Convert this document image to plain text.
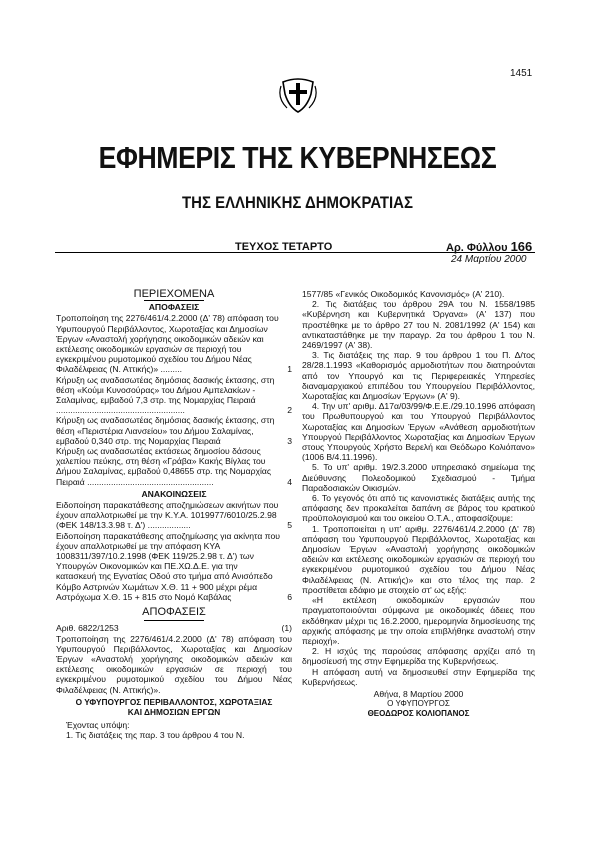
1451
ΕΦΗΜΕΡΙΣ ΤΗΣ ΚΥΒΕΡΝΗΣΕΩΣ
ΤΗΣ ΕΛΛΗΝΙΚΗΣ ΔΗΜΟΚΡΑΤΙΑΣ
ΤΕΥΧΟΣ ΤΕΤΑΡΤΟ	Αρ. Φύλλου 166
24 Μαρτίου 2000
ΠΕΡΙΕΧΟΜΕΝΑ
ΑΠΟΦΑΣΕΙΣ
Τροποποίηση της 2276/461/4.2.2000 (Δ' 78) απόφαση του Υφυπουργού Περιβάλλοντος, Χωροταξίας και Δημοσίων Έργων «Αναστολή χορήγησης οικοδομικών αδειών και εκτέλεσης οικοδομικών εργασιών σε περιοχή του εγκεκριμένου ρυμοτομικού σχεδίου του Δήμου Νέας Φιλαδέλφειας (Ν. Αττικής)» .........	1
Κήρυξη ως αναδασωτέας δημόσιας δασικής έκτασης, στη θέση «Κούμι Κυνοσούρας» του Δήμου Αμπελακίων - Σαλαμίνας, εμβαδού 7,3 στρ. της Νομαρχίας Πειραιά ......................................................	2
Κήρυξη ως αναδασωτέας δημόσιας δασικής έκτασης, στη θέση «Περιστέρια Λιανσείου» του Δήμου Σαλαμίνας, εμβαδού 0,340 στρ. της Νομαρχίας Πειραιά	3
Κήρυξη ως αναδασωτέας εκτάσεως δημοσίου δάσους χαλεπίου πεύκης, στη θέση «Γράβα» Κακής Βίγλας του Δήμου Σαλαμίνας, εμβαδού 0,48655 στρ. της Νομαρχίας Πειραιά .....................................................	4
ΑΝΑΚΟΙΝΩΣΕΙΣ
Ειδοποίηση παρακατάθεσης αποζημιώσεων ακινήτων που έχουν απαλλοτριωθεί με την Κ.Υ.Α. 1019977/6010/25.2.98 (ΦΕΚ 148/13.3.98 τ. Δ') ..................	5
Ειδοποίηση παρακατάθεσης αποζημίωσης για ακίνητα που έχουν απαλλοτριωθεί με την απόφαση ΚΥΑ 1008311/397/10.2.1998 (ΦΕΚ 119/25.2.98 τ. Δ') των Υπουργών Οικονομικών και ΠΕ.ΧΩ.Δ.Ε. για την κατασκευή της Εγνατίας Οδού στο τμήμα από Ανισόπεδο Κόμβο Αστρινών Χωμάτων Χ.Θ. 11 + 900 μέχρι ρέμα Αστρόχωμα Χ.Θ. 15 + 815 στο Νομό Καβάλας	6
ΑΠΟΦΑΣΕΙΣ
Αριθ. 6822/1253	(1)

Τροποποίηση της 2276/461/4.2.2000 (Δ' 78) απόφαση του Υφυπουργού Περιβάλλοντος, Χωροταξίας και Δημοσίων Έργων «Αναστολή χορήγησης οικοδομικών αδειών και εκτέλεσης οικοδομικών εργασιών σε περιοχή του εγκεκριμένου ρυμοτομικού σχεδίου του Δήμου Νέας Φιλαδέλφειας (Ν. Αττικής)».

Ο ΥΦΥΠΟΥΡΓΟΣ ΠΕΡΙΒΑΛΛΟΝΤΟΣ, ΧΩΡΟΤΑΞΙΑΣ
ΚΑΙ ΔΗΜΟΣΙΩΝ ΕΡΓΩΝ

Έχοντας υπόψη:

1. Τις διατάξεις της παρ. 3 του άρθρου 4 του Ν.

1577/85 «Γενικός Οικοδομικός Κανονισμός» (Α' 210).

2. Τις διατάξεις του άρθρου 29Α του Ν. 1558/1985 «Κυβέρνηση και Κυβερνητικά Όργανα» (Α' 137) που προστέθηκε με το άρθρο 27 του Ν. 2081/1992 (Α' 154) και αντικαταστάθηκε με την παραγρ. 2α του άρθρου 1 του Ν. 2469/1997 (Α' 38).

3. Τις διατάξεις της παρ. 9 του άρθρου 1 του Π. Δ/τος 28/28.1.1993 «Καθορισμός αρμοδιοτήτων που διατηρούνται από τον Υπουργό και τις Περιφερειακές Υπηρεσίες διαναμαρχιακού επιπέδου του Υπουργείου Περιβάλλοντος, Χωροταξίας και Δημοσίων Έργων» (Α' 9).

4. Την υπ' αριθμ. Δ17α/03/99/Φ.Ε.Ε./29.10.1996 απόφαση του Πρωθυπουργού και του Υπουργού Περιβάλλοντος Χωροταξίας και Δημοσίων Έργων «Ανάθεση αρμοδιοτήτων Υπουργού Περιβάλλοντος Χωροταξίας και Δημοσίων Έργων στους Υπουργούς Χρήστο Βερελή και Θεόδωρο Κολιόπανο» (1006 Β/4.11.1996).

5. Το υπ' αριθμ. 19/2.3.2000 υπηρεσιακό σημείωμα της Διεύθυνσης Πολεοδομικού Σχεδιασμού - Τμήμα Παραδοσιακών Οικισμών.

6. Το γεγονός ότι από τις κανονιστικές διατάξεις αυτής της απόφασης δεν προκαλείται δαπάνη σε βάρος του κρατικού προϋπολογισμού και του οικείου Ο.Τ.Α., αποφασίζουμε:

1. Τροποποιείται η υπ' αριθμ. 2276/461/4.2.2000 (Δ' 78) απόφαση του Υφυπουργού Περιβάλλοντος, Χωροταξίας και Δημοσίων Έργων «Αναστολή χορήγησης οικοδομικών αδειών και εκτέλεσης οικοδομικών εργασιών σε περιοχή του εγκεκριμένου ρυμοτομικού σχεδίου του Δήμου Νέας Φιλαδέλφειας (Ν. Αττικής)» και στο τέλος της παρ. 2 προστίθεται εδάφιο με στοιχείο στ' ως εξής:

«Η εκτέλεση οικοδομικών εργασιών που πραγματοποιούνται σύμφωνα με οικοδομικές άδειες που εκδόθηκαν μέχρι τις 16.2.2000, ημερομηνία δημοσίευσης της αρχικής απόφασης με την οποία επιβλήθηκε αναστολή στην περιοχή».

2. Η ισχύς της παρούσας απόφασης αρχίζει από τη δημοσίευσή της στην Εφημερίδα της Κυβερνήσεως.

Η απόφαση αυτή να δημοσιευθεί στην Εφημερίδα της Κυβερνήσεως.

Αθήνα, 8 Μαρτίου 2000
Ο ΥΦΥΠΟΥΡΓΟΣ
ΘΕΟΔΩΡΟΣ ΚΟΛΙΟΠΑΝΟΣ
